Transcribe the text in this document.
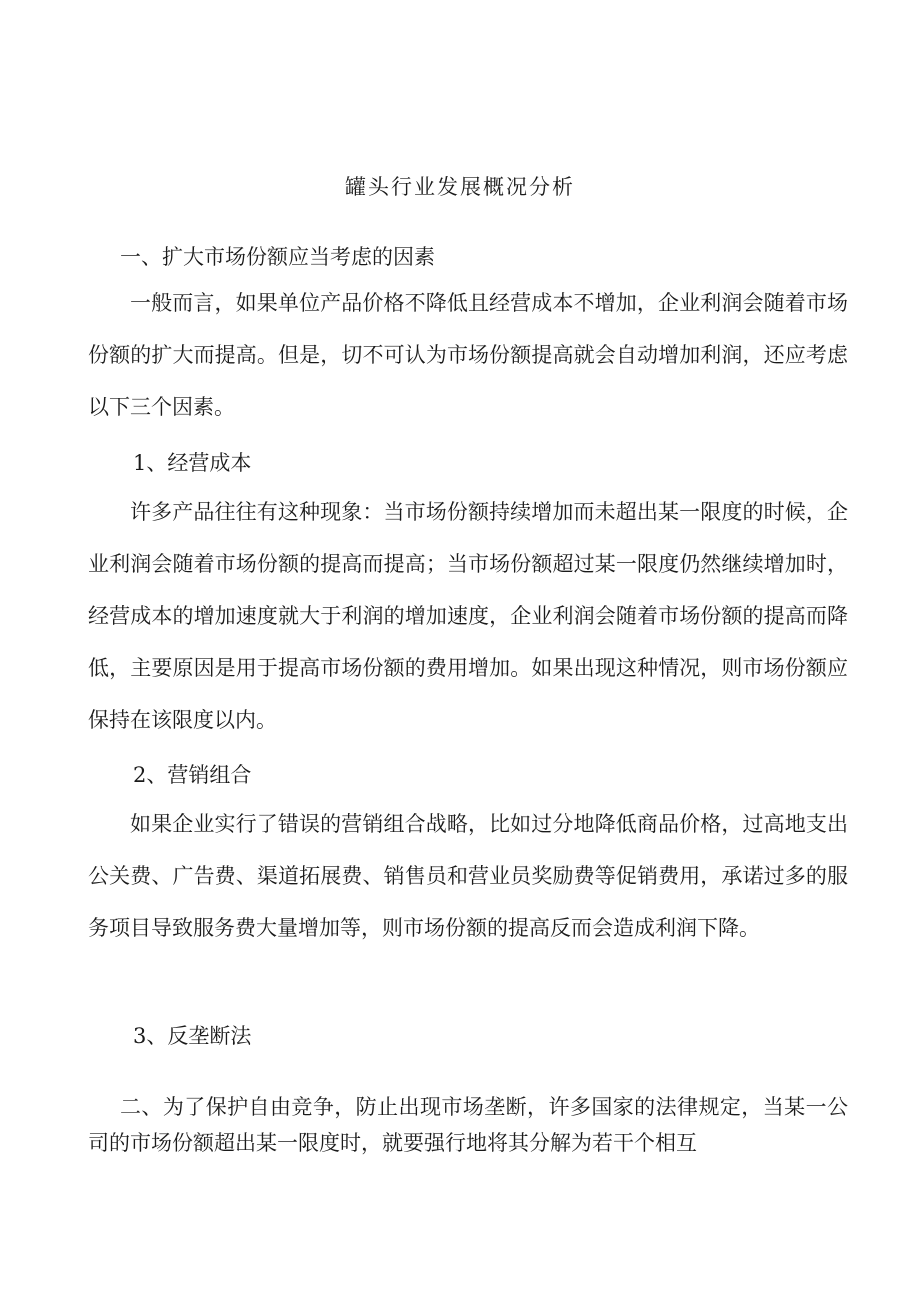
罐头行业发展概况分析
一、扩大市场份额应当考虑的因素
一般而言，如果单位产品价格不降低且经营成本不增加，企业利润会随着市场份额的扩大而提高。但是，切不可认为市场份额提高就会自动增加利润，还应考虑以下三个因素。
1、经营成本
许多产品往往有这种现象：当市场份额持续增加而未超出某一限度的时候，企业利润会随着市场份额的提高而提高；当市场份额超过某一限度仍然继续增加时，经营成本的增加速度就大于利润的增加速度，企业利润会随着市场份额的提高而降低，主要原因是用于提高市场份额的费用增加。如果出现这种情况，则市场份额应保持在该限度以内。
2、营销组合
如果企业实行了错误的营销组合战略，比如过分地降低商品价格，过高地支出公关费、广告费、渠道拓展费、销售员和营业员奖励费等促销费用，承诺过多的服务项目导致服务费大量增加等，则市场份额的提高反而会造成利润下降。
3、反垄断法
二、为了保护自由竞争，防止出现市场垄断，许多国家的法律规定，当某一公司的市场份额超出某一限度时，就要强行地将其分解为若干个相互
